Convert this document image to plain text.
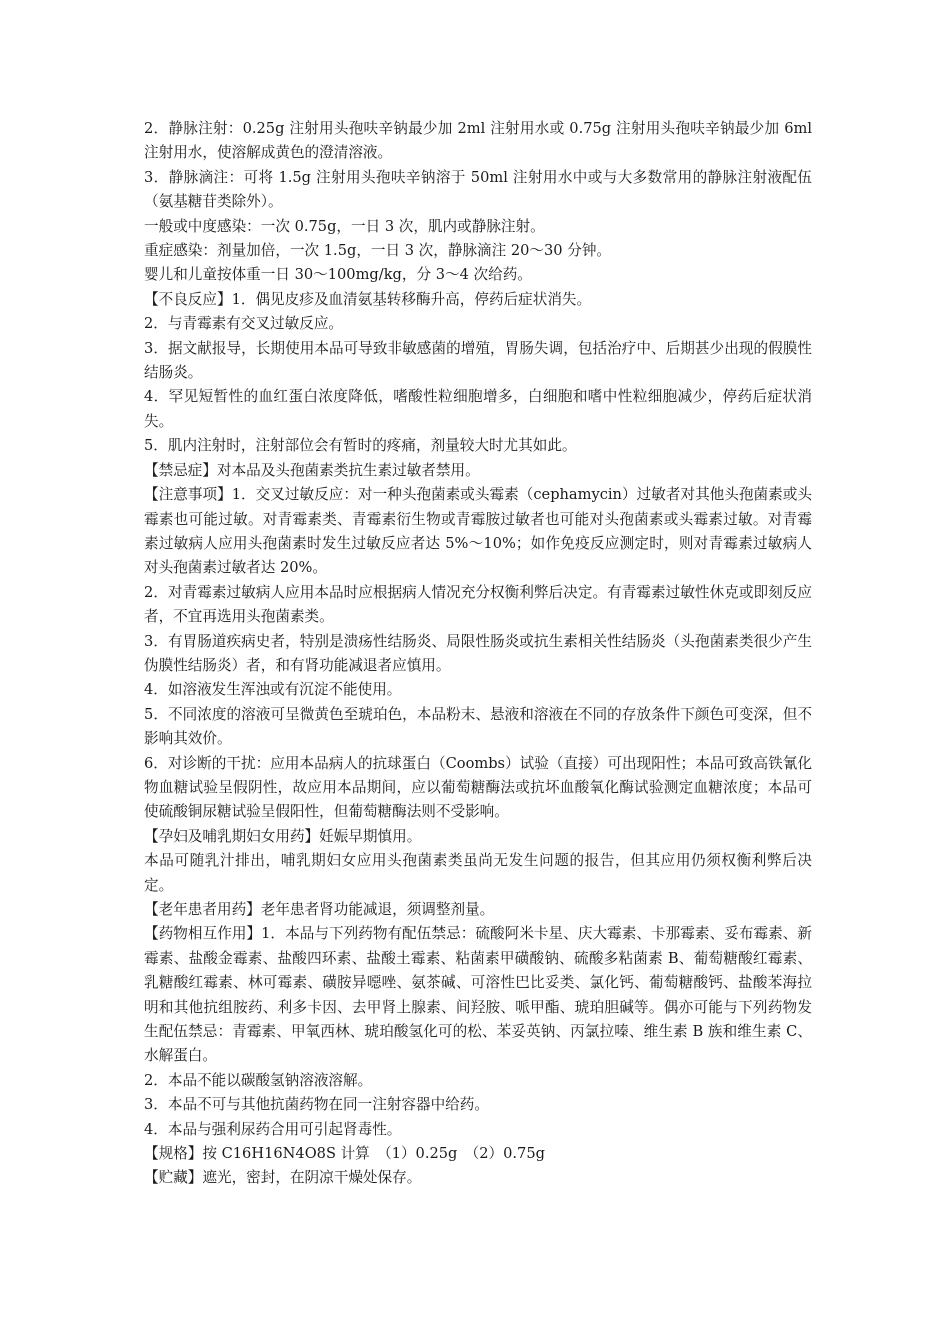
2．静脉注射：0.25g 注射用头孢呋辛钠最少加 2ml 注射用水或 0.75g 注射用头孢呋辛钠最少加 6ml 注射用水，使溶解成黄色的澄清溶液。

3．静脉滴注：可将 1.5g 注射用头孢呋辛钠溶于 50ml 注射用水中或与大多数常用的静脉注射液配伍（氨基糖苷类除外）。

一般或中度感染：一次 0.75g，一日 3 次，肌内或静脉注射。

重症感染：剂量加倍，一次 1.5g，一日 3 次，静脉滴注 20～30 分钟。

婴儿和儿童按体重一日 30～100mg/kg，分 3～4 次给药。

【不良反应】1．偶见皮疹及血清氨基转移酶升高，停药后症状消失。

2．与青霉素有交叉过敏反应。

3．据文献报导，长期使用本品可导致非敏感菌的增殖，胃肠失调，包括治疗中、后期甚少出现的假膜性结肠炎。

4．罕见短暂性的血红蛋白浓度降低，嗜酸性粒细胞增多，白细胞和嗜中性粒细胞减少，停药后症状消失。

5．肌内注射时，注射部位会有暂时的疼痛，剂量较大时尤其如此。

【禁忌症】对本品及头孢菌素类抗生素过敏者禁用。

【注意事项】1．交叉过敏反应：对一种头孢菌素或头霉素（cephamycin）过敏者对其他头孢菌素或头霉素也可能过敏。对青霉素类、青霉素衍生物或青霉胺过敏者也可能对头孢菌素或头霉素过敏。对青霉素过敏病人应用头孢菌素时发生过敏反应者达 5%～10%；如作免疫反应测定时，则对青霉素过敏病人对头孢菌素过敏者达 20%。

2．对青霉素过敏病人应用本品时应根据病人情况充分权衡利弊后决定。有青霉素过敏性休克或即刻反应者，不宜再选用头孢菌素类。

3．有胃肠道疾病史者，特别是溃疡性结肠炎、局限性肠炎或抗生素相关性结肠炎（头孢菌素类很少产生伪膜性结肠炎）者，和有肾功能减退者应慎用。

4．如溶液发生浑浊或有沉淀不能使用。

5．不同浓度的溶液可呈微黄色至琥珀色，本品粉末、悬液和溶液在不同的存放条件下颜色可变深，但不影响其效价。

6．对诊断的干扰：应用本品病人的抗球蛋白（Coombs）试验（直接）可出现阳性；本品可致高铁氰化物血糖试验呈假阴性，故应用本品期间，应以葡萄糖酶法或抗坏血酸氧化酶试验测定血糖浓度；本品可使硫酸铜尿糖试验呈假阳性，但葡萄糖酶法则不受影响。

【孕妇及哺乳期妇女用药】妊娠早期慎用。

本品可随乳汁排出，哺乳期妇女应用头孢菌素类虽尚无发生问题的报告，但其应用仍须权衡利弊后决定。

【老年患者用药】老年患者肾功能减退，须调整剂量。

【药物相互作用】1．本品与下列药物有配伍禁忌：硫酸阿米卡星、庆大霉素、卡那霉素、妥布霉素、新霉素、盐酸金霉素、盐酸四环素、盐酸土霉素、粘菌素甲磺酸钠、硫酸多粘菌素 B、葡萄糖酸红霉素、乳糖酸红霉素、林可霉素、磺胺异噁唑、氨茶碱、可溶性巴比妥类、氯化钙、葡萄糖酸钙、盐酸苯海拉明和其他抗组胺药、利多卡因、去甲肾上腺素、间羟胺、哌甲酯、琥珀胆碱等。偶亦可能与下列药物发生配伍禁忌：青霉素、甲氧西林、琥珀酸氢化可的松、苯妥英钠、丙氯拉嗪、维生素 B 族和维生素 C、水解蛋白。

2．本品不能以碳酸氢钠溶液溶解。

3．本品不可与其他抗菌药物在同一注射容器中给药。

4．本品与强利尿药合用可引起肾毒性。

【规格】按 C16H16N4O8S 计算　（1）0.25g　（2）0.75g

【贮藏】遮光，密封，在阴凉干燥处保存。
